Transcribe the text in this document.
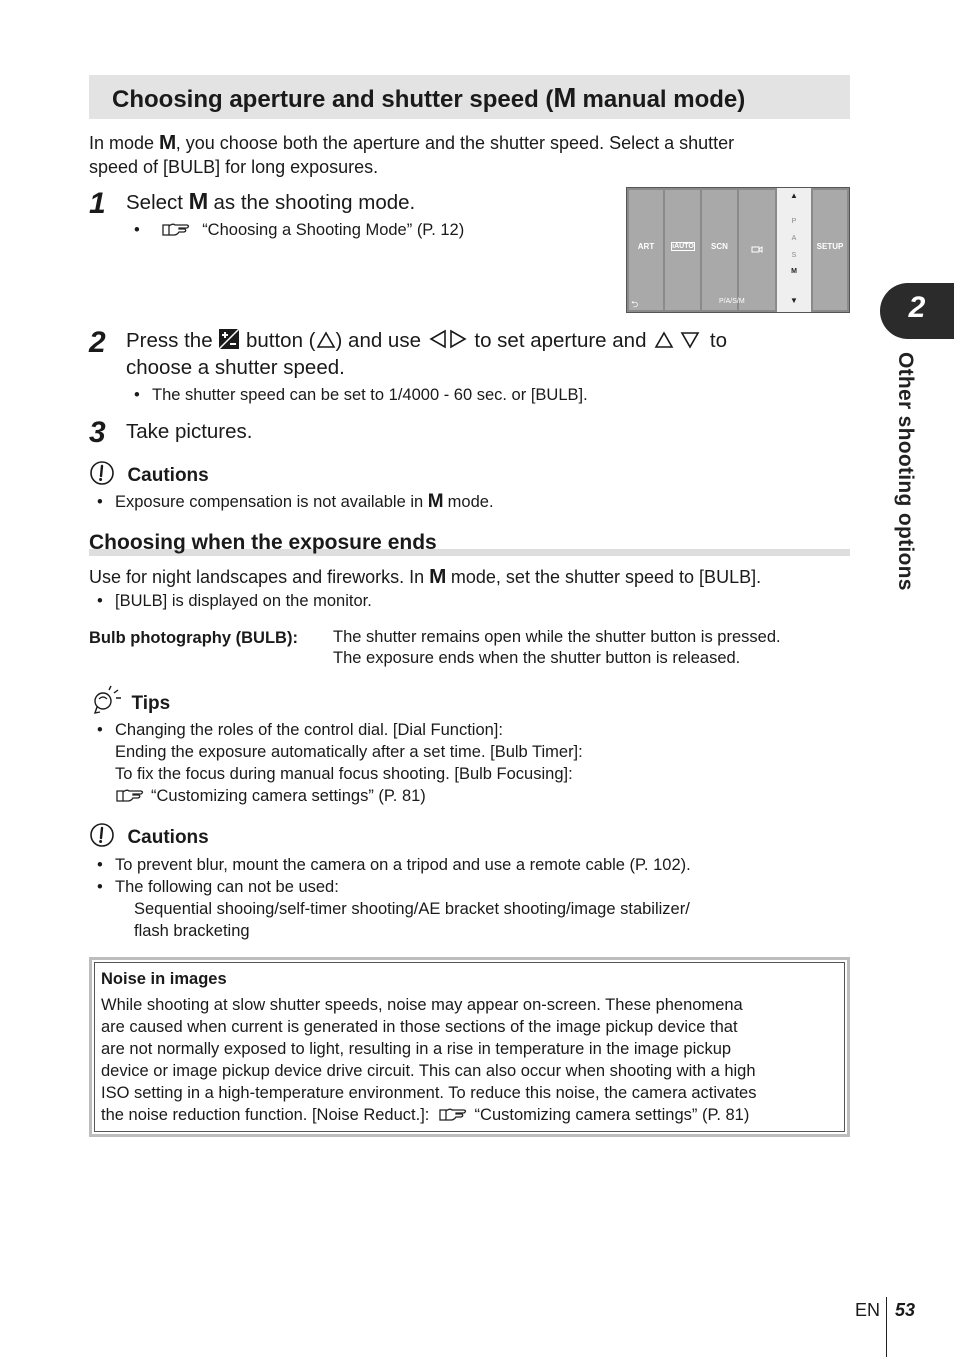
Choosing aperture and shutter speed (M manual mode)
In mode M, you choose both the aperture and the shutter speed. Select a shutter
speed of [BULB] for long exposures.
1 Select M as the shooting mode.
•	“Choosing a Shooting Mode” (P. 12)
ART	iAUTO	SCN
▲
P
A
S
M
▼
SETUP
⮌	P/A/S/M
2 Press the  button ( ) and use  to set aperture and	to
choose a shutter speed.
• The shutter speed can be set to 1/4000 - 60 sec. or [BULB].
3 Take pictures.
Cautions
• Exposure compensation is not available in M mode.
Choosing when the exposure ends
Use for night landscapes and fireworks. In M mode, set the shutter speed to [BULB].
• [BULB] is displayed on the monitor.
Bulb photography (BULB): The shutter remains open while the shutter button is pressed.
The exposure ends when the shutter button is released.
Tips
• Changing the roles of the control dial. [Dial Function]:
Ending the exposure automatically after a set time. [Bulb Timer]:
To fix the focus during manual focus shooting. [Bulb Focusing]:
“Customizing camera settings” (P. 81)
Cautions
• To prevent blur, mount the camera on a tripod and use a remote cable (P. 102).
• The following can not be used:
Sequential shooing/self-timer shooting/AE bracket shooting/image stabilizer/
flash bracketing
Noise in images
While shooting at slow shutter speeds, noise may appear on-screen. These phenomena
are caused when current is generated in those sections of the image pickup device that
are not normally exposed to light, resulting in a rise in temperature in the image pickup
device or image pickup device drive circuit. This can also occur when shooting with a high
ISO setting in a high-temperature environment. To reduce this noise, the camera activates
the noise reduction function. [Noise Reduct.]:  “Customizing camera settings” (P. 81)
2
Other shooting options
EN 53
